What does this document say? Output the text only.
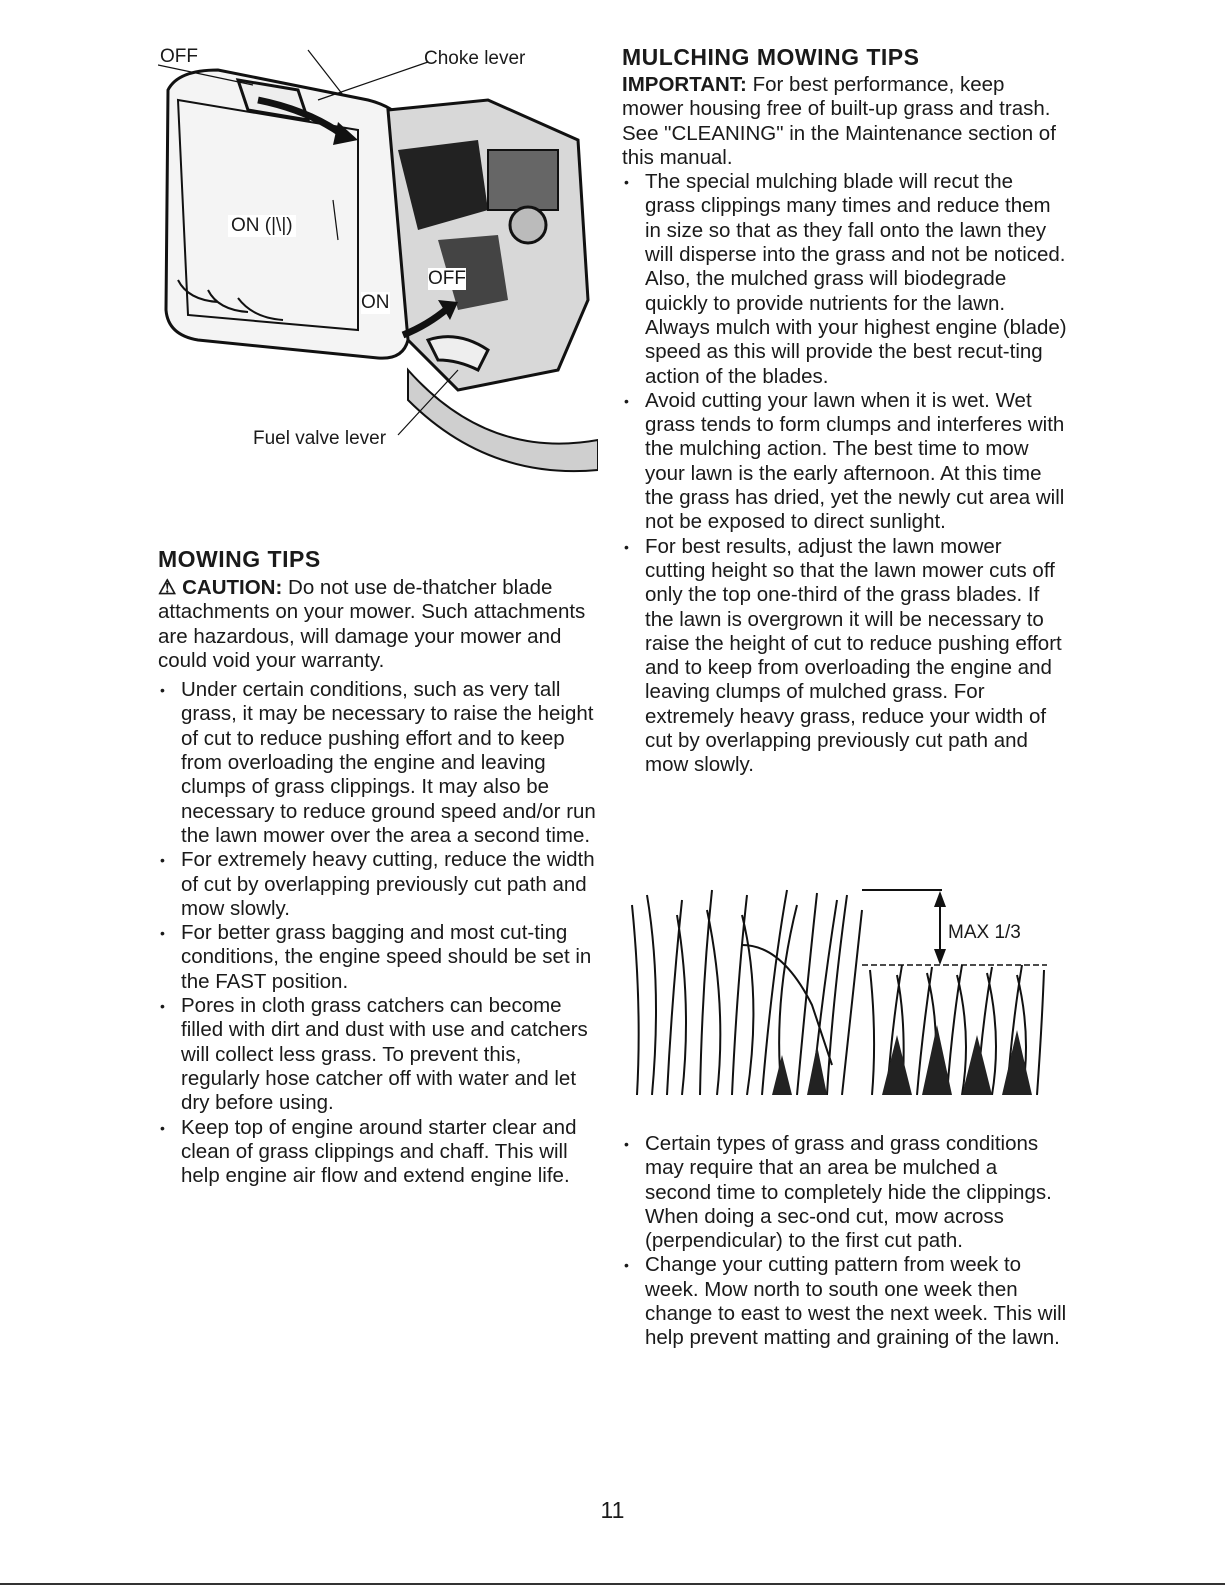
OFF	Choke lever
ON (|\|)
OFF
ON
Fuel valve lever
MOWING TIPS

⚠ CAUTION: Do not use de-thatcher blade attachments on your mower. Such attachments are hazardous, will damage your mower and could void your warranty.

• Under certain conditions, such as very tall grass, it may be necessary to raise the height of cut to reduce pushing effort and to keep from overloading the engine and leaving clumps of grass clippings. It may also be necessary to reduce ground speed and/or run the lawn mower over the area a second time.
• For extremely heavy cutting, reduce the width of cut by overlapping previously cut path and mow slowly.
• For better grass bagging and most cut-ting conditions, the engine speed should be set in the FAST position.
• Pores in cloth grass catchers can become filled with dirt and dust with use and catchers will collect less grass. To prevent this, regularly hose catcher off with water and let dry before using.
• Keep top of engine around starter clear and clean of grass clippings and chaff. This will help engine air flow and extend engine life.
MULCHING MOWING TIPS

IMPORTANT: For best performance, keep mower housing free of built-up grass and trash. See "CLEANING" in the Maintenance section of this manual.

• The special mulching blade will recut the grass clippings many times and reduce them in size so that as they fall onto the lawn they will disperse into the grass and not be noticed. Also, the mulched grass will biodegrade quickly to provide nutrients for the lawn. Always mulch with your highest engine (blade) speed as this will provide the best recut-ting action of the blades.
• Avoid cutting your lawn when it is wet. Wet grass tends to form clumps and interferes with the mulching action. The best time to mow your lawn is the early afternoon. At this time the grass has dried, yet the newly cut area will not be exposed to direct sunlight.
• For best results, adjust the lawn mower cutting height so that the lawn mower cuts off only the top one-third of the grass blades. If the lawn is overgrown it will be necessary to raise the height of cut to reduce pushing effort and to keep from overloading the engine and leaving clumps of mulched grass. For extremely heavy grass, reduce your width of cut by overlapping previously cut path and mow slowly.
MAX 1/3
• Certain types of grass and grass conditions may require that an area be mulched a second time to completely hide the clippings. When doing a sec-ond cut, mow across (perpendicular) to the first cut path.
• Change your cutting pattern from week to week. Mow north to south one week then change to east to west the next week. This will help prevent matting and graining of the lawn.
11
